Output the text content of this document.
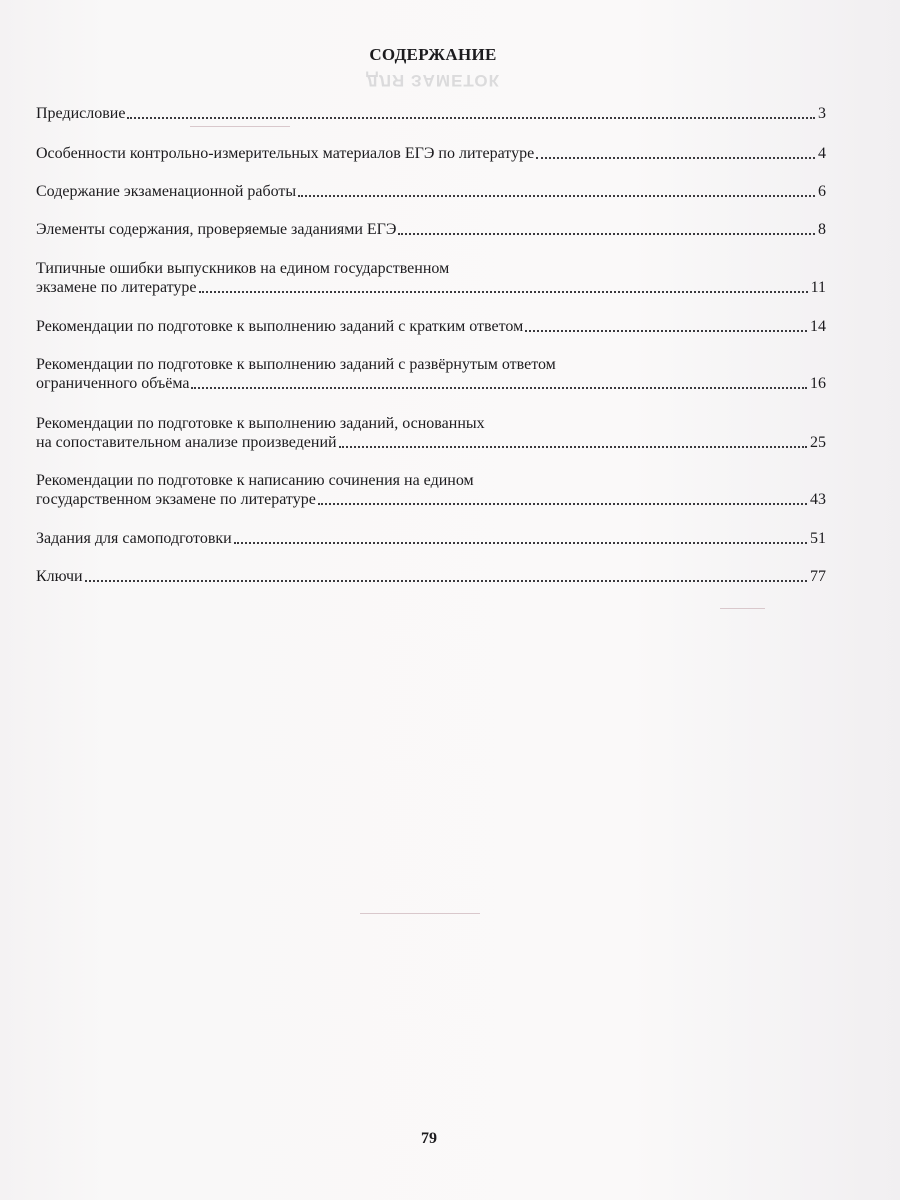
ДЛЯ ЗАМЕТОК
СОДЕРЖАНИЕ
Предисловие	3
Особенности контрольно-измерительных материалов ЕГЭ по литературе	4
Содержание экзаменационной работы	6
Элементы содержания, проверяемые заданиями ЕГЭ	8
Типичные ошибки выпускников на едином государственном
экзамене по литературе	11
Рекомендации по подготовке к выполнению заданий с кратким ответом	14
Рекомендации по подготовке к выполнению заданий с развёрнутым ответом
ограниченного объёма	16
Рекомендации по подготовке к выполнению заданий, основанных
на сопоставительном анализе произведений	25
Рекомендации по подготовке к написанию сочинения на едином
государственном экзамене по литературе	43
Задания для самоподготовки	51
Ключи	77
79
